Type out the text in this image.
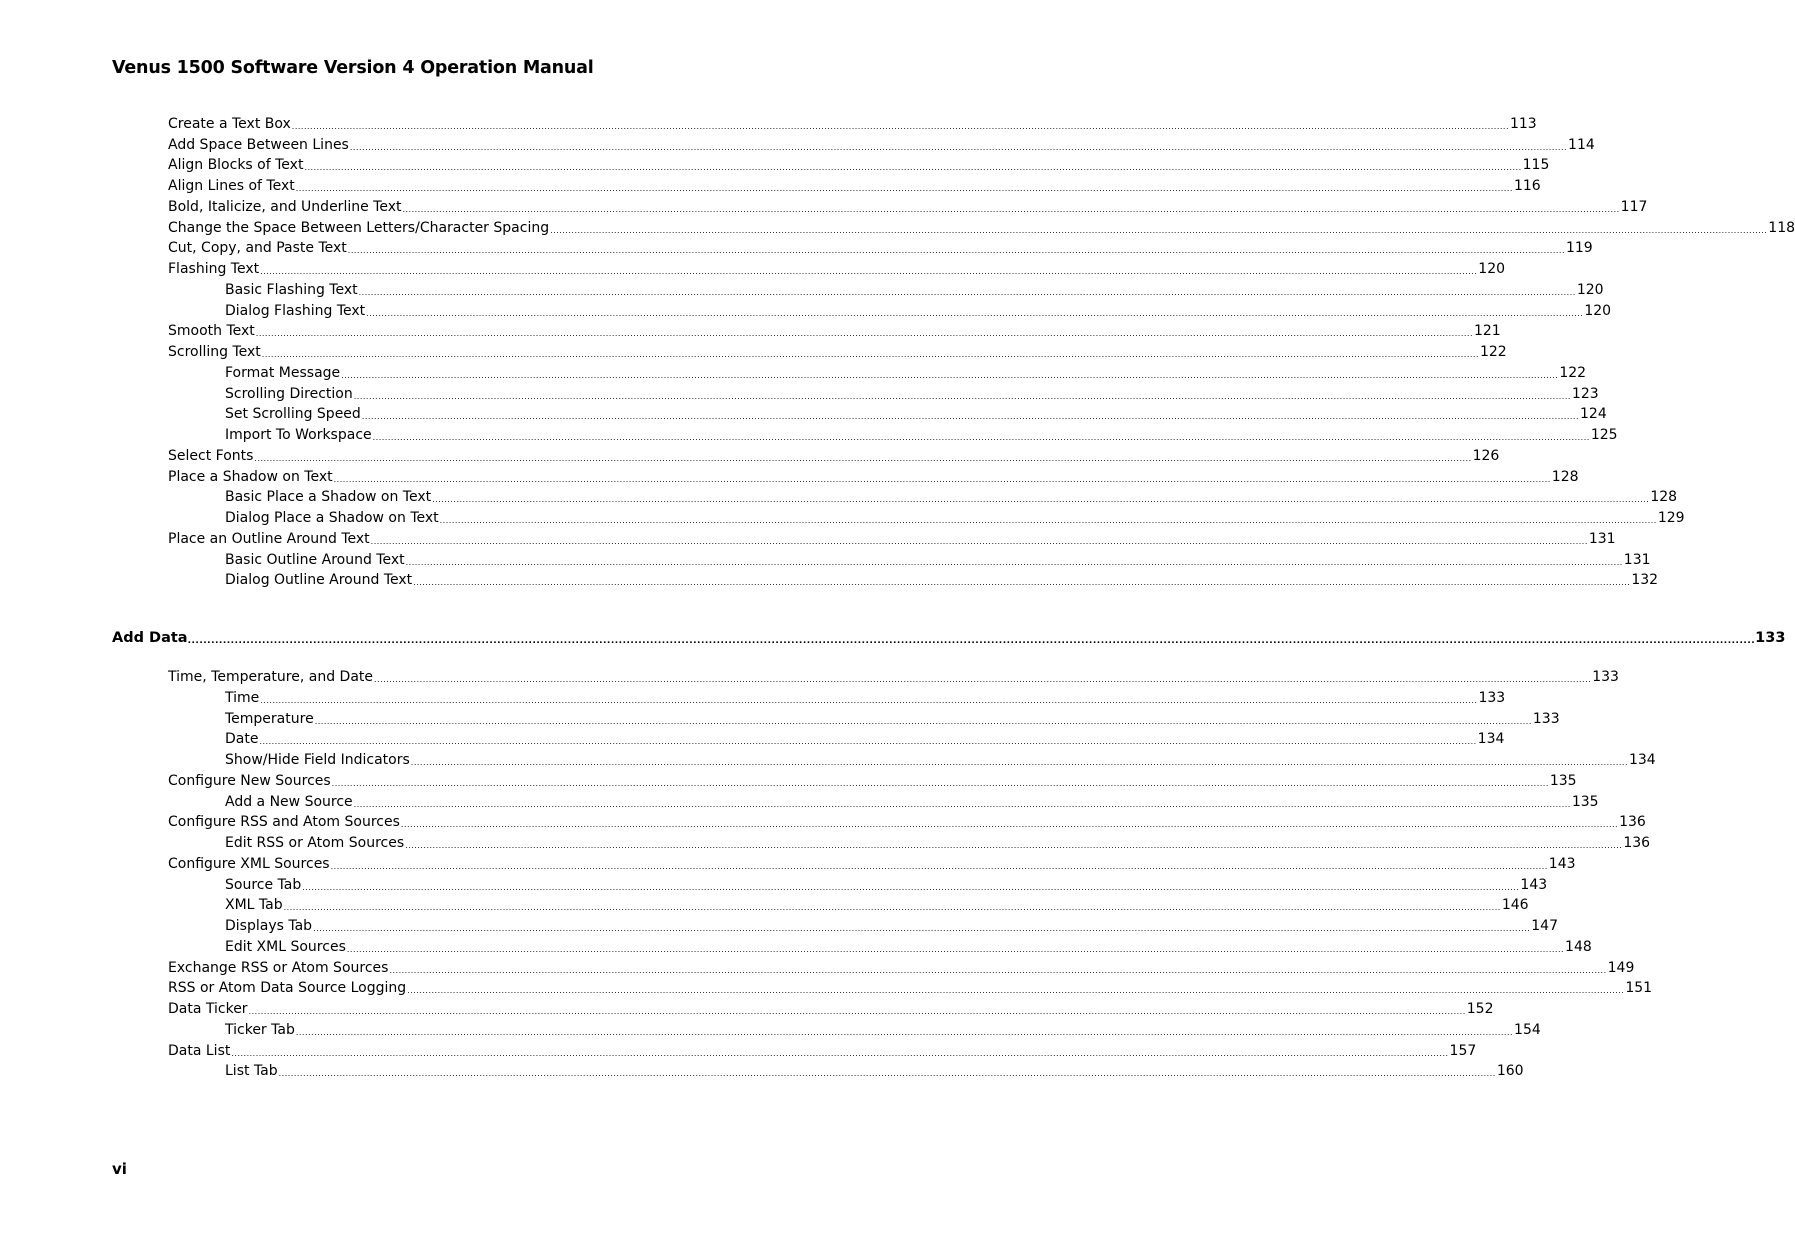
Venus 1500 Software Version 4 Operation Manual
Create a Text Box ................................................................................................................................................................................................................................................................................................................................................................................................................ 113
Add Space Between Lines ................................................................................................................................................................................................................................................................................................................................................................................................................ 114
Align Blocks of Text ................................................................................................................................................................................................................................................................................................................................................................................................................ 115
Align Lines of Text ................................................................................................................................................................................................................................................................................................................................................................................................................ 116
Bold, Italicize, and Underline Text ................................................................................................................................................................................................................................................................................................................................................................................................................ 117
Change the Space Between Letters/Character Spacing ................................................................................................................................................................................................................................................................................................................................................................................................................ 118
Cut, Copy, and Paste Text ................................................................................................................................................................................................................................................................................................................................................................................................................ 119
Flashing Text ................................................................................................................................................................................................................................................................................................................................................................................................................ 120
Basic Flashing Text ................................................................................................................................................................................................................................................................................................................................................................................................................ 120
Dialog Flashing Text ................................................................................................................................................................................................................................................................................................................................................................................................................ 120
Smooth Text ................................................................................................................................................................................................................................................................................................................................................................................................................ 121
Scrolling Text ................................................................................................................................................................................................................................................................................................................................................................................................................ 122
Format Message ................................................................................................................................................................................................................................................................................................................................................................................................................ 122
Scrolling Direction ................................................................................................................................................................................................................................................................................................................................................................................................................ 123
Set Scrolling Speed ................................................................................................................................................................................................................................................................................................................................................................................................................ 124
Import To Workspace ................................................................................................................................................................................................................................................................................................................................................................................................................ 125
Select Fonts ................................................................................................................................................................................................................................................................................................................................................................................................................ 126
Place a Shadow on Text ................................................................................................................................................................................................................................................................................................................................................................................................................ 128
Basic Place a Shadow on Text ................................................................................................................................................................................................................................................................................................................................................................................................................ 128
Dialog Place a Shadow on Text ................................................................................................................................................................................................................................................................................................................................................................................................................ 129
Place an Outline Around Text ................................................................................................................................................................................................................................................................................................................................................................................................................ 131
Basic Outline Around Text ................................................................................................................................................................................................................................................................................................................................................................................................................ 131
Dialog Outline Around Text ................................................................................................................................................................................................................................................................................................................................................................................................................ 132
Add Data ................................................................................................................................................................................................................................................................................................................................................................................................................ 133
Time, Temperature, and Date ................................................................................................................................................................................................................................................................................................................................................................................................................ 133
Time ................................................................................................................................................................................................................................................................................................................................................................................................................ 133
Temperature ................................................................................................................................................................................................................................................................................................................................................................................................................ 133
Date ................................................................................................................................................................................................................................................................................................................................................................................................................ 134
Show/Hide Field Indicators ................................................................................................................................................................................................................................................................................................................................................................................................................ 134
Configure New Sources ................................................................................................................................................................................................................................................................................................................................................................................................................ 135
Add a New Source ................................................................................................................................................................................................................................................................................................................................................................................................................ 135
Configure RSS and Atom Sources ................................................................................................................................................................................................................................................................................................................................................................................................................ 136
Edit RSS or Atom Sources ................................................................................................................................................................................................................................................................................................................................................................................................................ 136
Configure XML Sources ................................................................................................................................................................................................................................................................................................................................................................................................................ 143
Source Tab ................................................................................................................................................................................................................................................................................................................................................................................................................ 143
XML Tab ................................................................................................................................................................................................................................................................................................................................................................................................................ 146
Displays Tab ................................................................................................................................................................................................................................................................................................................................................................................................................ 147
Edit XML Sources ................................................................................................................................................................................................................................................................................................................................................................................................................ 148
Exchange RSS or Atom Sources ................................................................................................................................................................................................................................................................................................................................................................................................................ 149
RSS or Atom Data Source Logging ................................................................................................................................................................................................................................................................................................................................................................................................................ 151
Data Ticker ................................................................................................................................................................................................................................................................................................................................................................................................................ 152
Ticker Tab ................................................................................................................................................................................................................................................................................................................................................................................................................ 154
Data List ................................................................................................................................................................................................................................................................................................................................................................................................................ 157
List Tab ................................................................................................................................................................................................................................................................................................................................................................................................................ 160
vi
